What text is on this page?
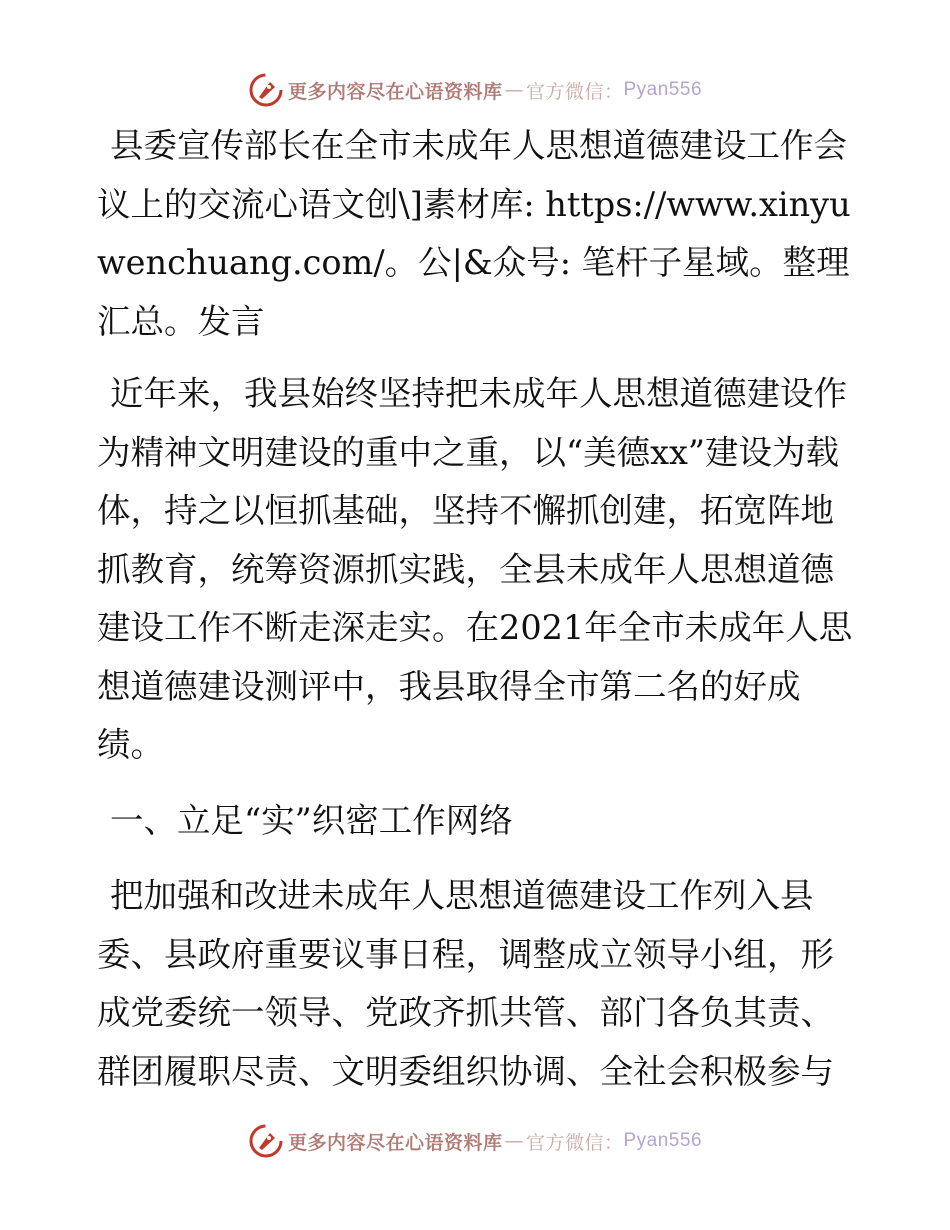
更多内容尽在心语资料库 — 官方微信： Pyan556

县委宣传部长在全市未成年人思想道德建设工作会议上的交流心语文创\]素材库: https://www.xinyuwenchuang.com/。公|&众号: 笔杆子星域。整理汇总。发言

近年来，我县始终坚持把未成年人思想道德建设作为精神文明建设的重中之重，以“美德xx”建设为载体，持之以恒抓基础，坚持不懈抓创建，拓宽阵地抓教育，统筹资源抓实践，全县未成年人思想道德建设工作不断走深走实。在2021年全市未成年人思想道德建设测评中，我县取得全市第二名的好成绩。

一、立足“实”织密工作网络

把加强和改进未成年人思想道德建设工作列入县委、县政府重要议事日程，调整成立领导小组，形成党委统一领导、党政齐抓共管、部门各负其责、群团履职尽责、文明委组织协调、全社会积极参与

更多内容尽在心语资料库 — 官方微信： Pyan556
